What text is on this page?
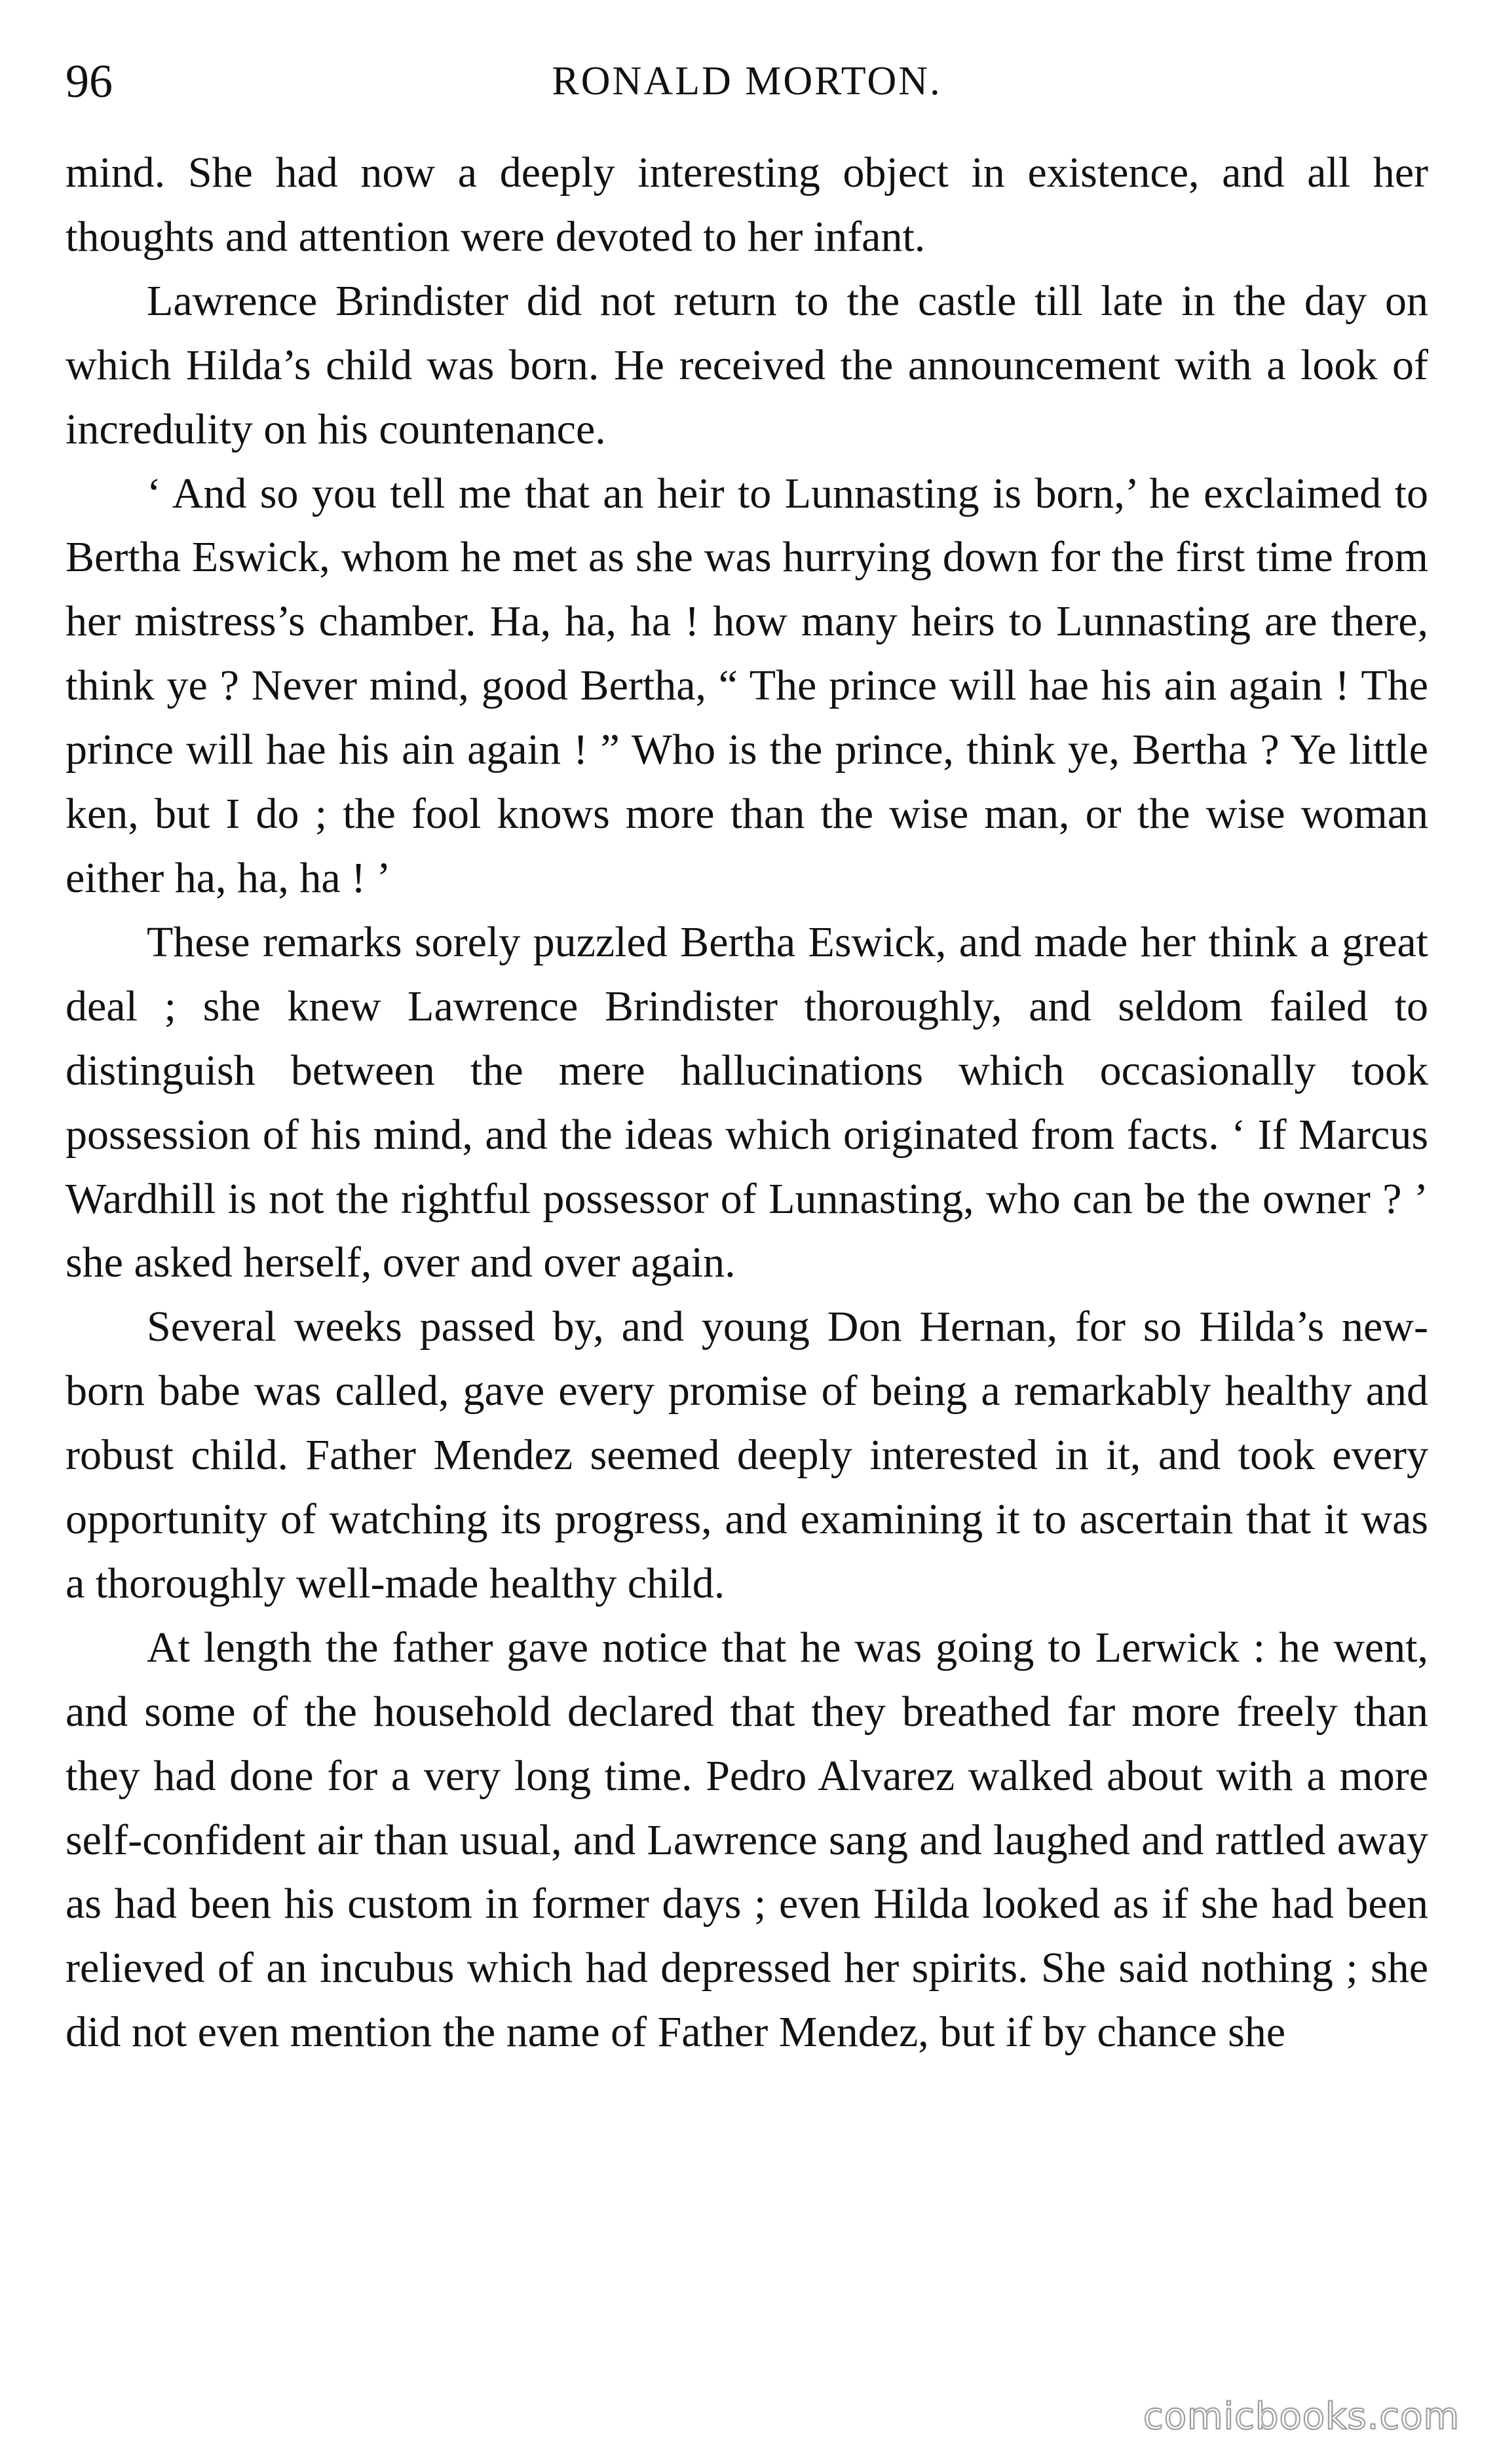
96	RONALD MORTON.

mind. She had now a deeply interesting object in existence, and all her thoughts and attention were devoted to her infant.

Lawrence Brindister did not return to the castle till late in the day on which Hilda’s child was born. He received the announcement with a look of incredulity on his countenance.

‘ And so you tell me that an heir to Lunnasting is born,’ he exclaimed to Bertha Eswick, whom he met as she was hurrying down for the first time from her mistress’s chamber. Ha, ha, ha ! how many heirs to Lunnasting are there, think ye ? Never mind, good Bertha, “ The prince will hae his ain again ! The prince will hae his ain again ! ” Who is the prince, think ye, Bertha ? Ye little ken, but I do ; the fool knows more than the wise man, or the wise woman either ha, ha, ha ! ’

These remarks sorely puzzled Bertha Eswick, and made her think a great deal ; she knew Lawrence Brindister thoroughly, and seldom failed to distinguish between the mere hallucinations which occasionally took possession of his mind, and the ideas which originated from facts. ‘ If Marcus Wardhill is not the rightful possessor of Lunnasting, who can be the owner ? ’ she asked herself, over and over again.

Several weeks passed by, and young Don Hernan, for so Hilda’s new-born babe was called, gave every promise of being a remarkably healthy and robust child. Father Mendez seemed deeply interested in it, and took every opportunity of watching its progress, and examining it to ascertain that it was a thoroughly well-made healthy child.

At length the father gave notice that he was going to Lerwick : he went, and some of the household declared that they breathed far more freely than they had done for a very long time. Pedro Alvarez walked about with a more self-confident air than usual, and Lawrence sang and laughed and rattled away as had been his custom in former days ; even Hilda looked as if she had been relieved of an incubus which had depressed her spirits. She said nothing ; she did not even mention the name of Father Mendez, but if by chance she

comicbooks.com
